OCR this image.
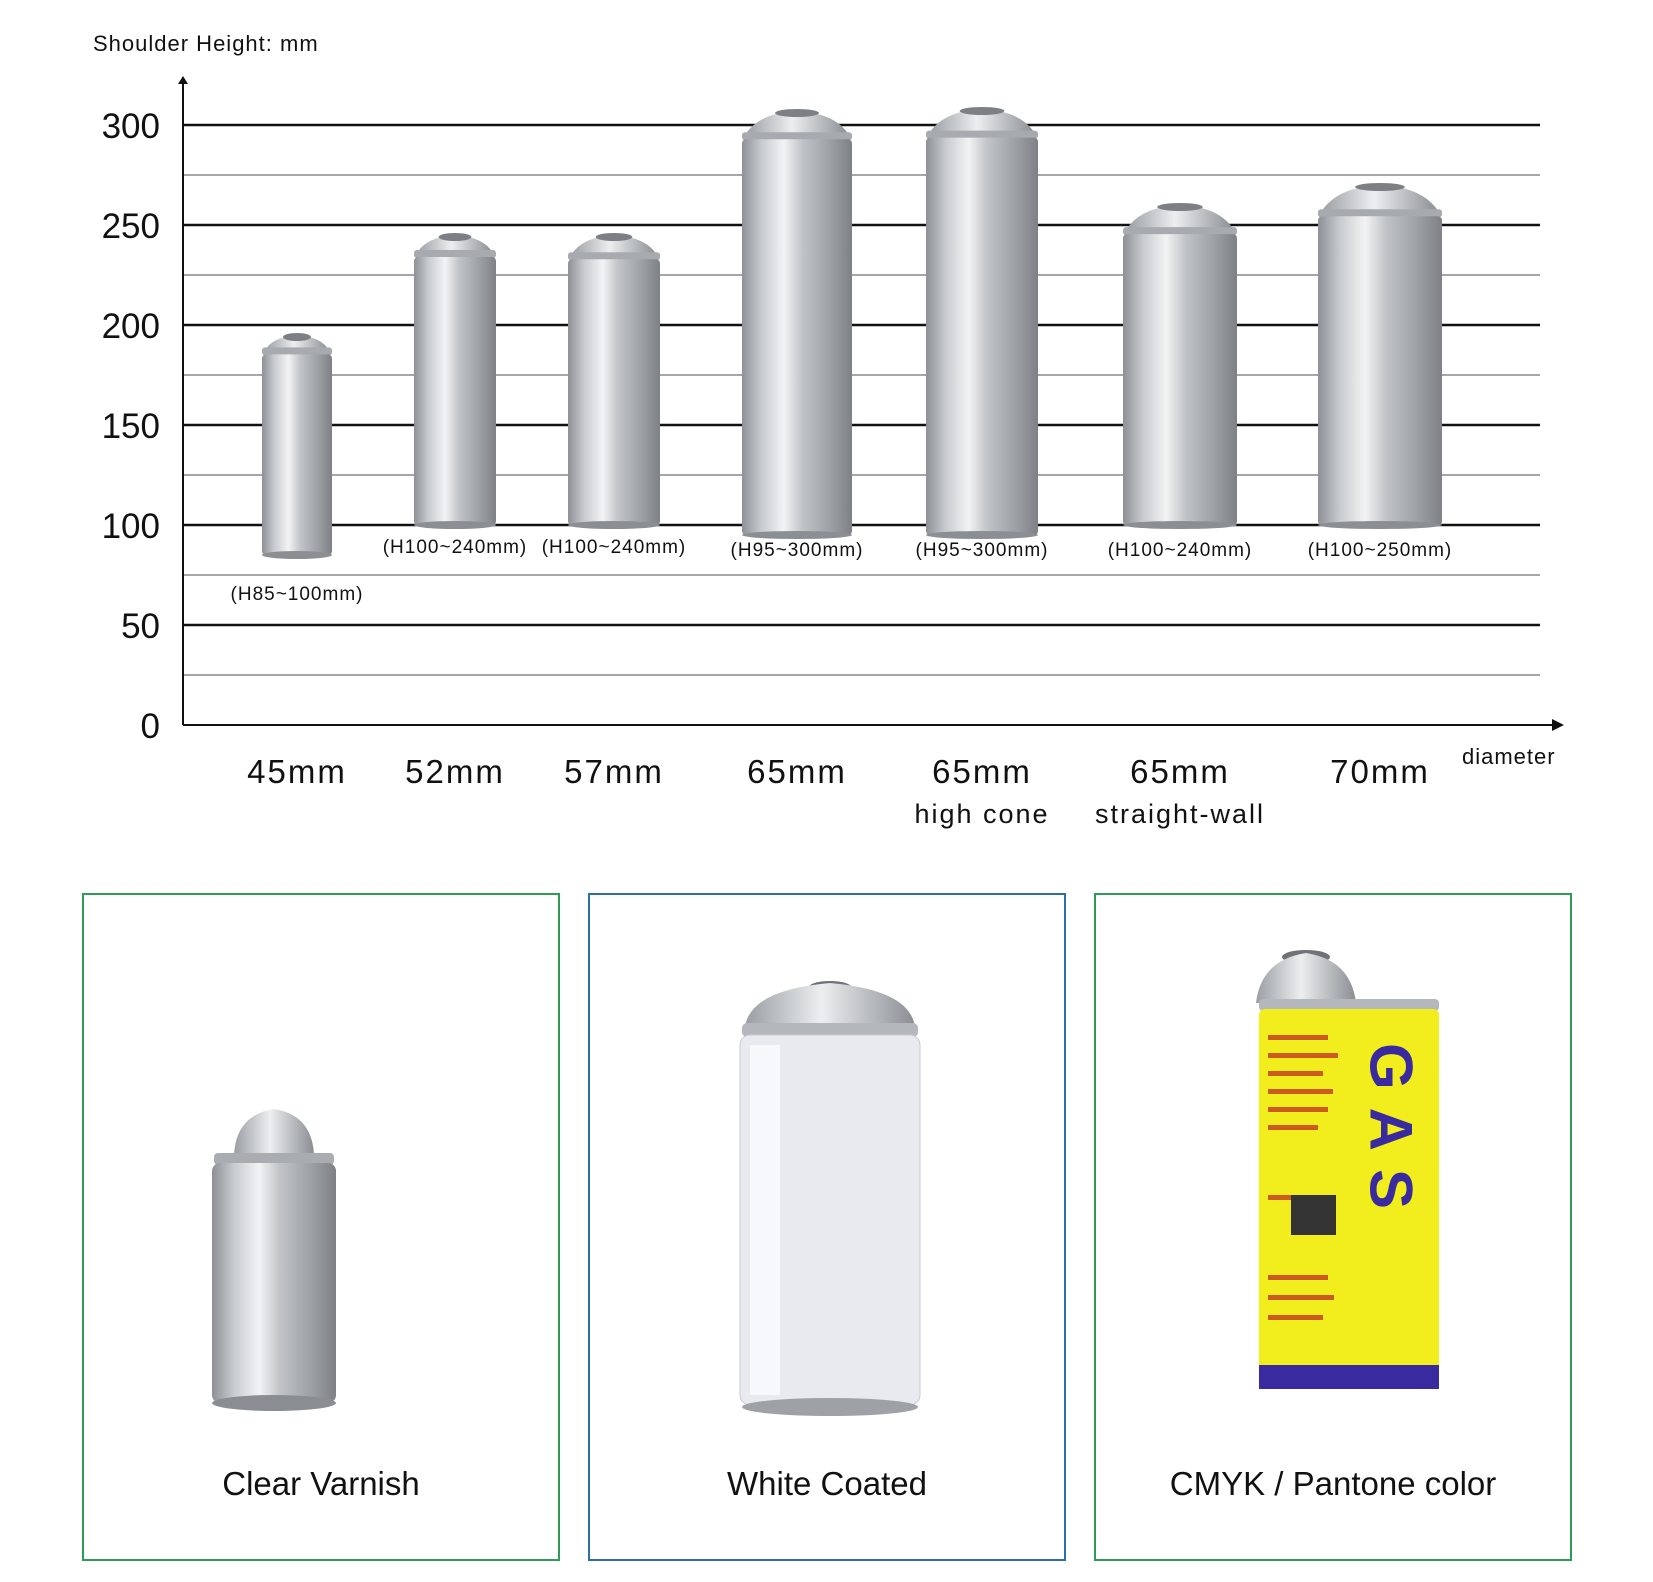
Shoulder Height: mm
diameter
0
50
100
150
200
250
300
(H85~100mm)
(H100~240mm) (H100~240mm) (H95~300mm)	(H95~300mm)	(H100~240mm)	(H100~250mm)
45mm 52mm 57mm	65mm	65mm
high cone
65mm
straight-wall
70mm
Clear Varnish	White Coated
GAS
CMYK / Pantone color
